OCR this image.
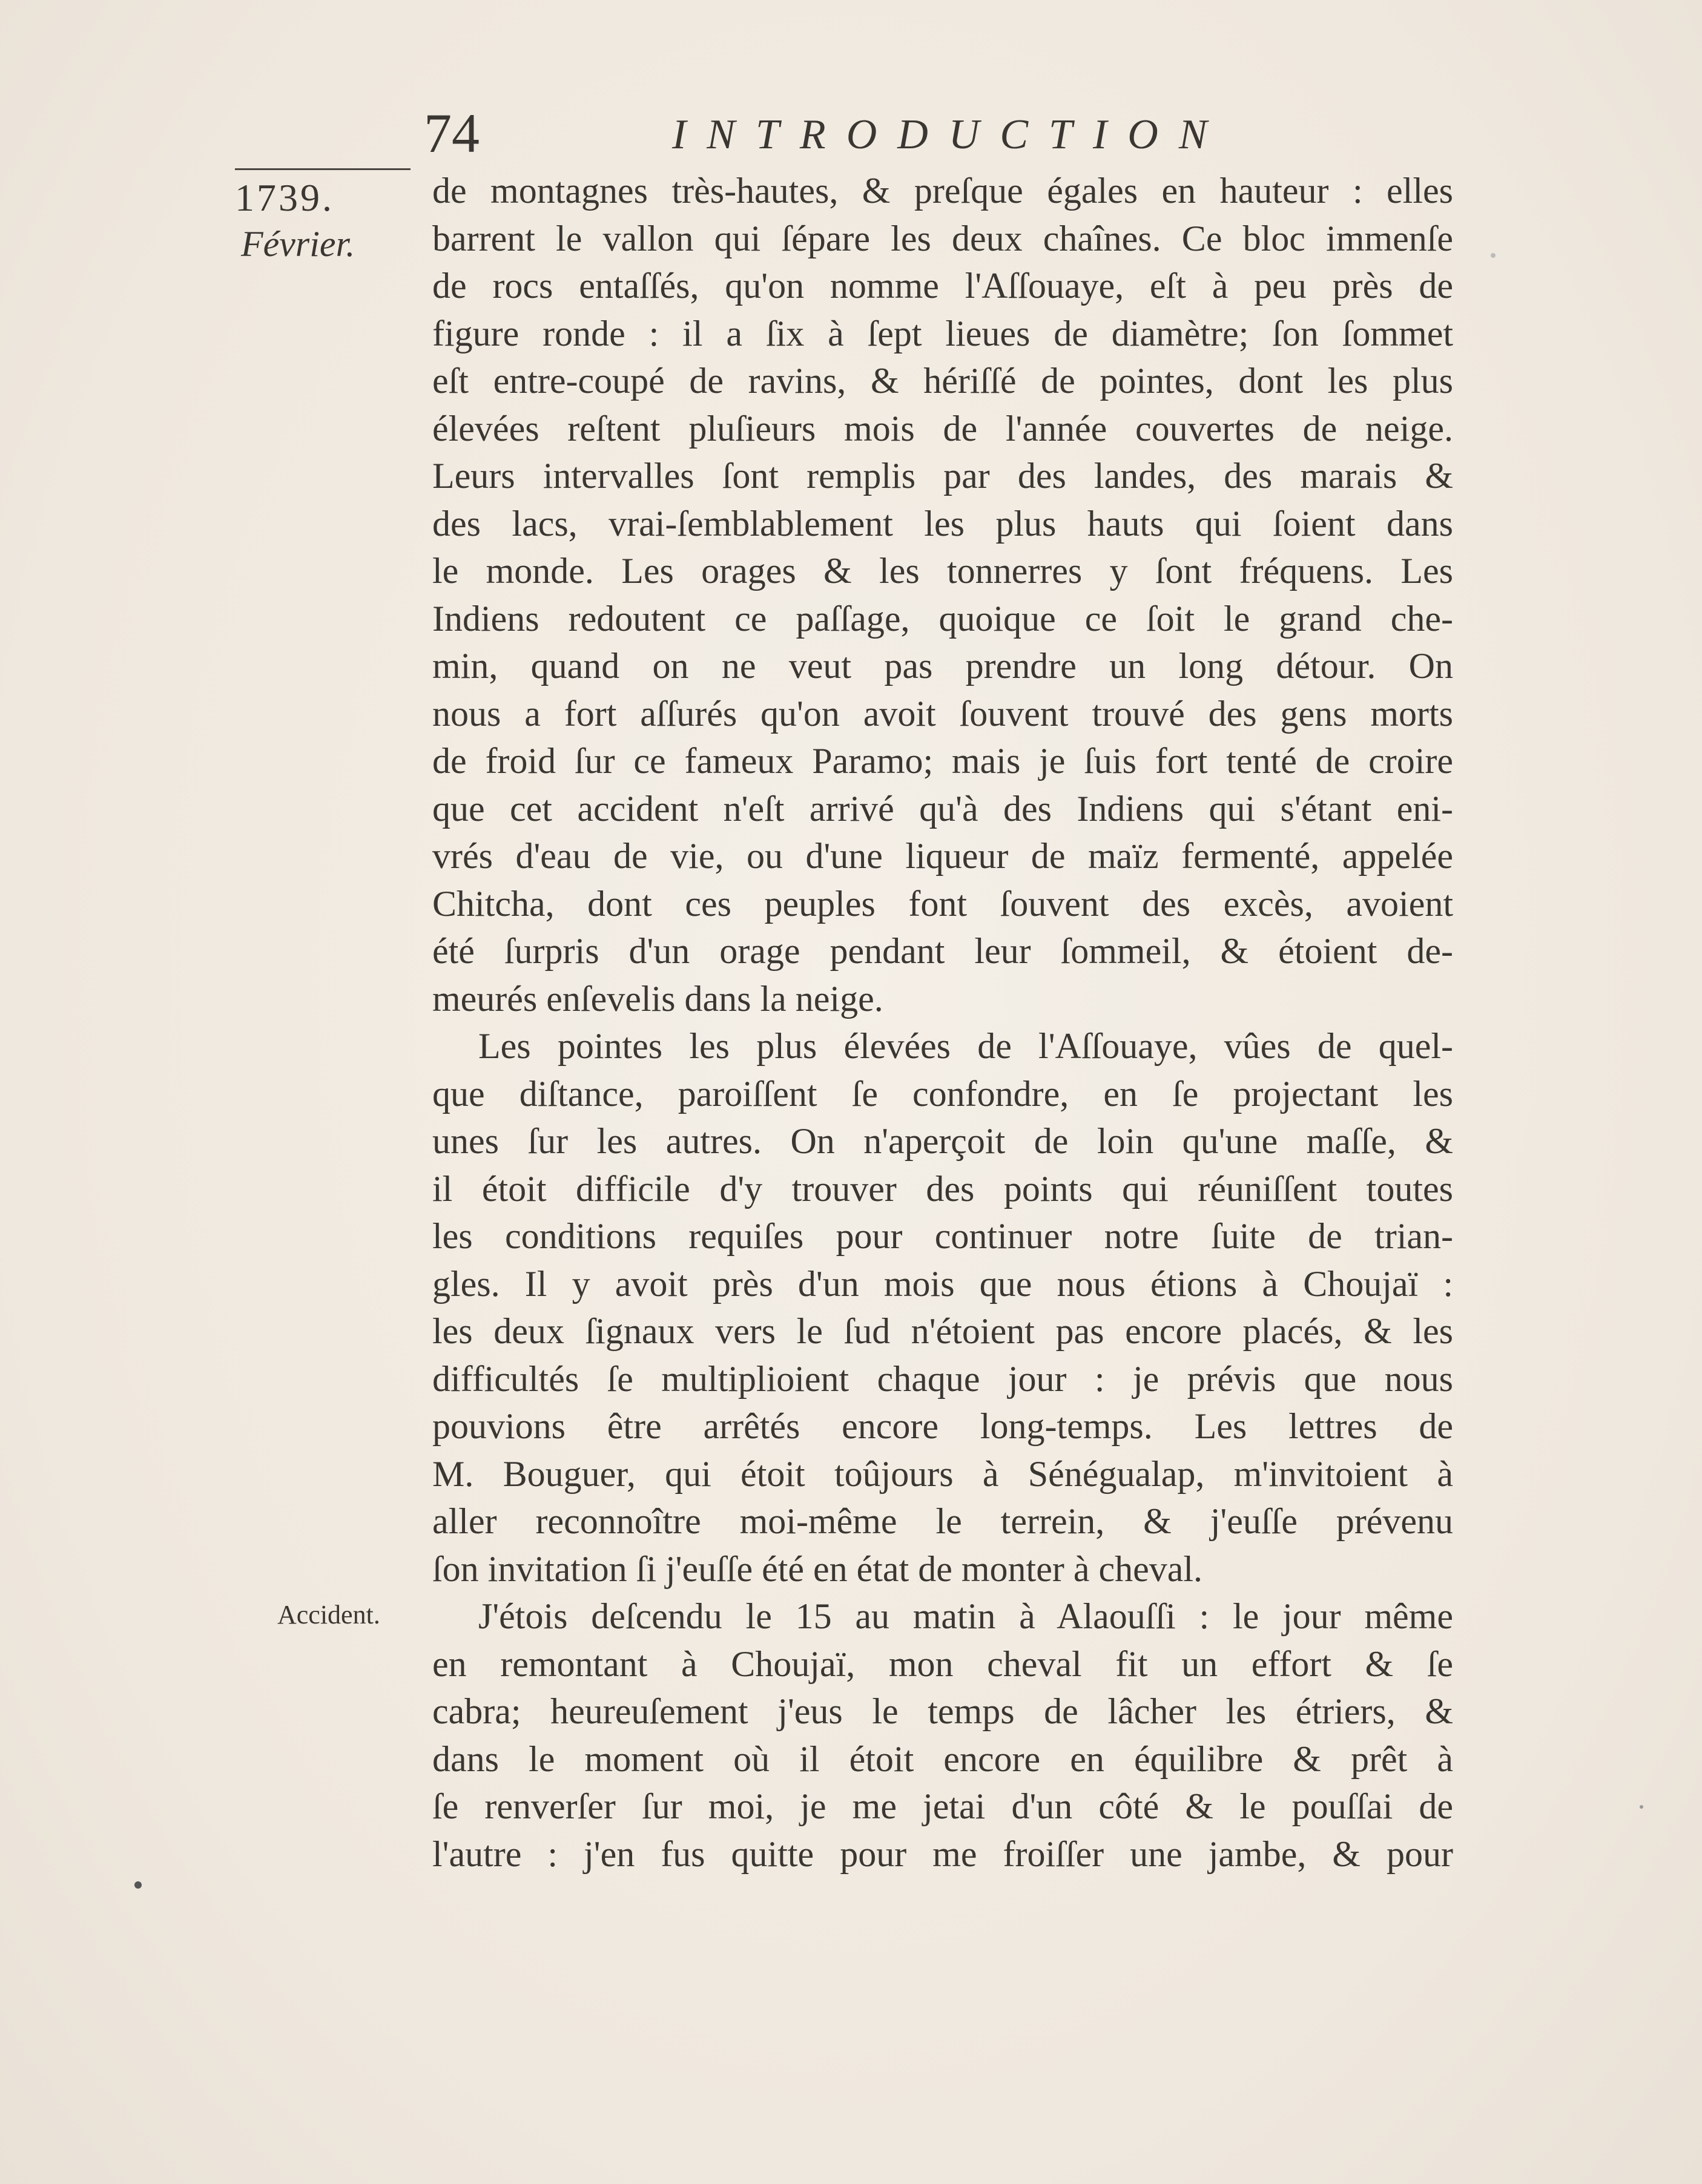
74	INTRODUCTION
1739.
Février.
Accident.
de montagnes très-hautes, & preſque égales en hauteur : elles
barrent le vallon qui ſépare les deux chaînes. Ce bloc immenſe
de rocs entaſſés, qu'on nomme l'Aſſouaye, eſt à peu près de
figure ronde : il a ſix à ſept lieues de diamètre; ſon ſommet
eſt entre-coupé de ravins, & hériſſé de pointes, dont les plus
élevées reſtent pluſieurs mois de l'année couvertes de neige.
Leurs intervalles ſont remplis par des landes, des marais &
des lacs, vrai-ſemblablement les plus hauts qui ſoient dans
le monde. Les orages & les tonnerres y ſont fréquens. Les
Indiens redoutent ce paſſage, quoique ce ſoit le grand che-
min, quand on ne veut pas prendre un long détour. On
nous a fort aſſurés qu'on avoit ſouvent trouvé des gens morts
de froid ſur ce fameux Paramo; mais je ſuis fort tenté de croire
que cet accident n'eſt arrivé qu'à des Indiens qui s'étant eni-
vrés d'eau de vie, ou d'une liqueur de maïz fermenté, appelée
Chitcha, dont ces peuples font ſouvent des excès, avoient
été ſurpris d'un orage pendant leur ſommeil, & étoient de-
meurés enſevelis dans la neige.
Les pointes les plus élevées de l'Aſſouaye, vûes de quel-
que diſtance, paroiſſent ſe confondre, en ſe projectant les
unes ſur les autres. On n'aperçoit de loin qu'une maſſe, &
il étoit difficile d'y trouver des points qui réuniſſent toutes
les conditions requiſes pour continuer notre ſuite de trian-
gles. Il y avoit près d'un mois que nous étions à Choujaï :
les deux ſignaux vers le ſud n'étoient pas encore placés, & les
difficultés ſe multiplioient chaque jour : je prévis que nous
pouvions être arrêtés encore long-temps. Les lettres de
M. Bouguer, qui étoit toûjours à Sénégualap, m'invitoient à
aller reconnoître moi-même le terrein, & j'euſſe prévenu
ſon invitation ſi j'euſſe été en état de monter à cheval.
J'étois deſcendu le 15 au matin à Alaouſſi : le jour même
en remontant à Choujaï, mon cheval fit un effort & ſe
cabra; heureuſement j'eus le temps de lâcher les étriers, &
dans le moment où il étoit encore en équilibre & prêt à
ſe renverſer ſur moi, je me jetai d'un côté & le pouſſai de
l'autre : j'en fus quitte pour me froiſſer une jambe, & pour
